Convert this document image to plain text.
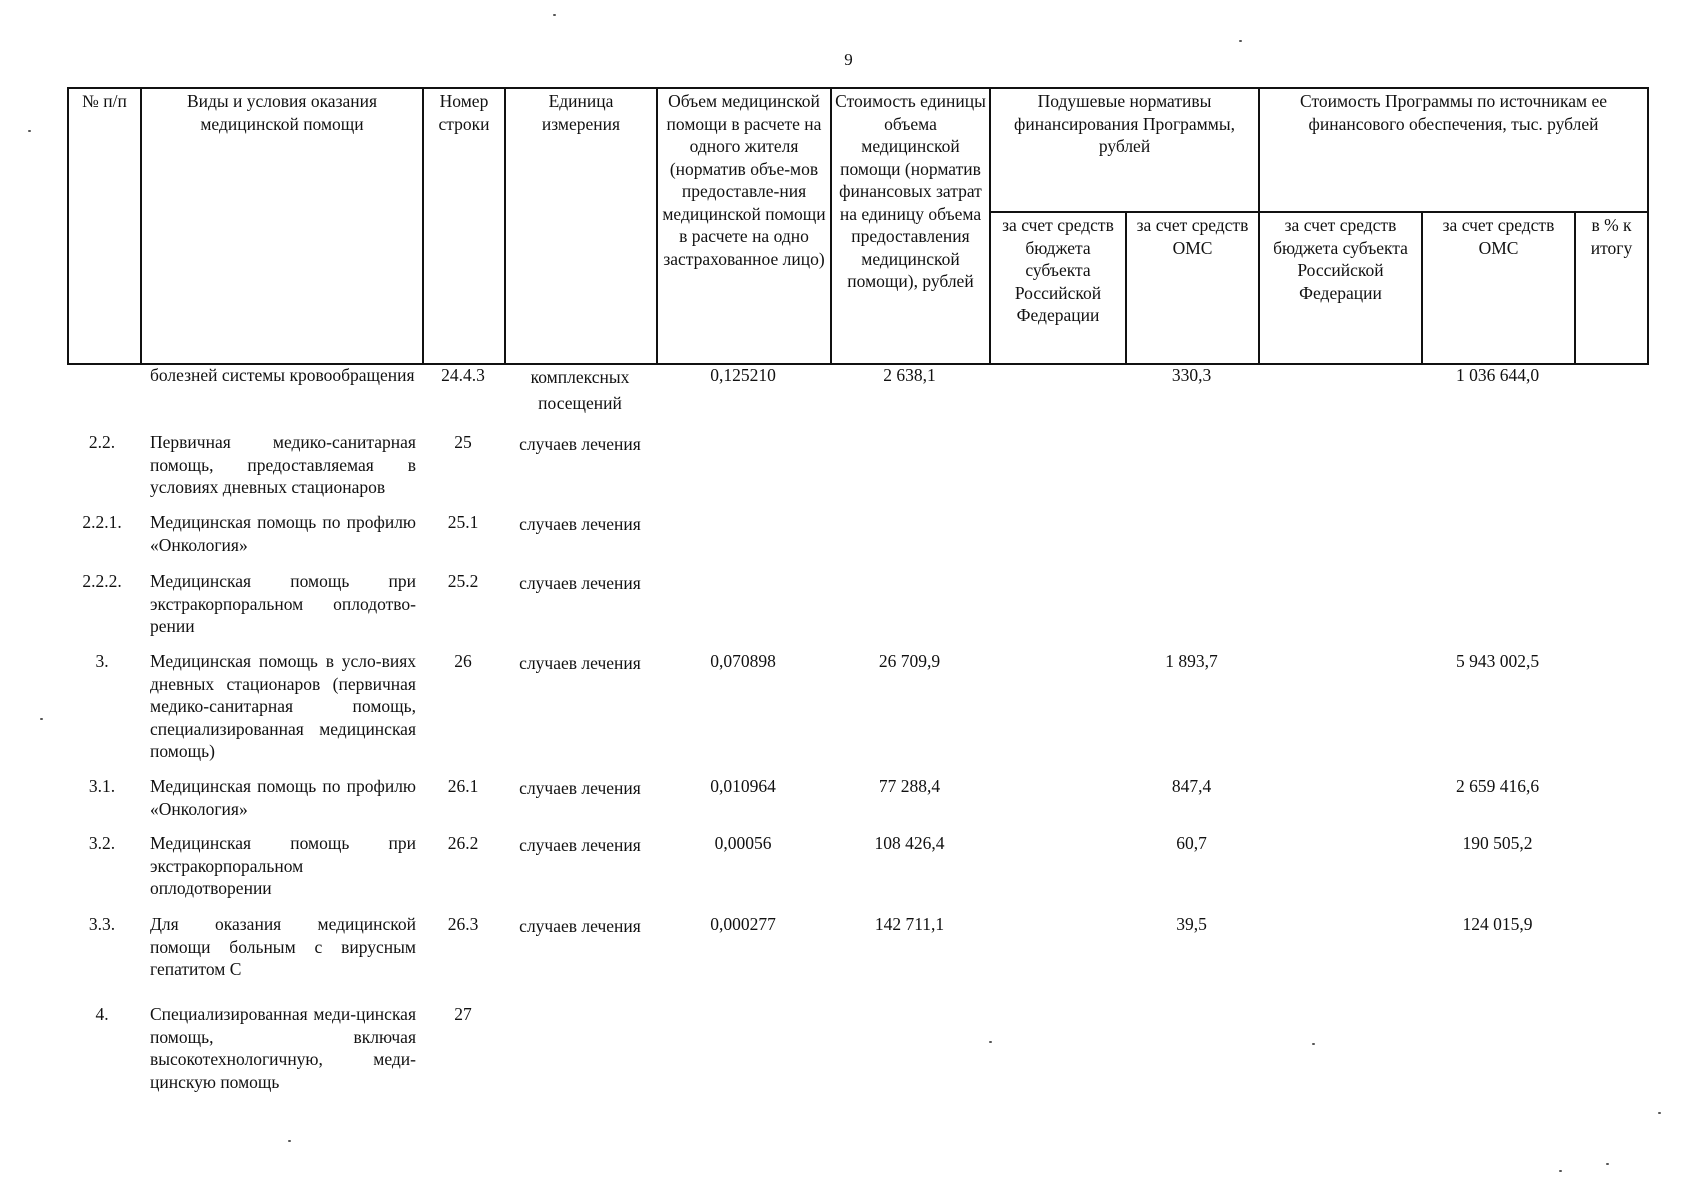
9
№ п/п	Виды и условия оказания медицинской помощи	Номер строки	Единица измерения	Объем медицинской помощи в расчете на одного жителя (норматив объе-мов предоставле-ния медицинской помощи в расчете на одно застрахованное лицо)	Стоимость единицы объема медицинской помощи (норматив финансовых затрат на единицу объема предоставления медицинской помощи), рублей	Подушевые нормативы финансирования Программы, рублей		Стоимость Программы по источникам ее финансового обеспечения, тыс. рублей		
						за счет средств бюджета субъекта Российской Федерации	за счет средств ОМС	за счет средств бюджета субъекта Российской Федерации	за счет средств ОМС	в % к итогу
	болезней системы кровообращения	24.4.3	комплексных посещений	0,125210	2 638,1		330,3		1 036 644,0	
2.2.	Первичная медико-санитарная помощь, предоставляемая в условиях дневных стационаров	25	случаев лечения							
2.2.1.	Медицинская помощь по профилю «Онкология»	25.1	случаев лечения							
2.2.2.	Медицинская помощь при экстракорпоральном оплодотво-рении	25.2	случаев лечения							
3.	Медицинская помощь в усло-виях дневных стационаров (первичная медико-санитарная помощь, специализированная медицинская помощь)	26	случаев лечения	0,070898	26 709,9		1 893,7		5 943 002,5	
3.1.	Медицинская помощь по профилю «Онкология»	26.1	случаев лечения	0,010964	77 288,4		847,4		2 659 416,6	
3.2.	Медицинская помощь при экстракорпоральном оплодотворении	26.2	случаев лечения	0,00056	108 426,4		60,7		190 505,2	
3.3.	Для оказания медицинской помощи больным с вирусным гепатитом С	26.3	случаев лечения	0,000277	142 711,1		39,5		124 015,9	
4.	Специализированная меди-цинская помощь, включая высокотехнологичную, меди-цинскую помощь	27								
